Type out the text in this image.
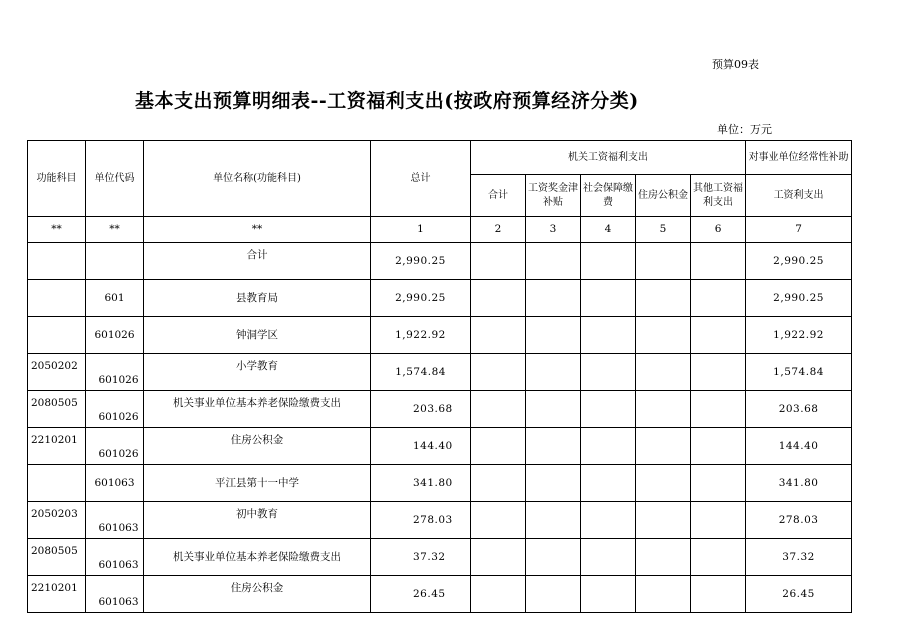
预算09表
基本支出预算明细表--工资福利支出(按政府预算经济分类)
单位：万元
功能科目	单位代码	单位名称(功能科目)	总计	机关工资福利支出					对事业单位经常性补助
				合计	工资奖金津补贴	社会保障缴费	住房公积金	其他工资福利支出	工资利支出
**	**	**	1	2	3	4	5	6	7
		合计	2,990.25						2,990.25
	601	县教育局	2,990.25						2,990.25
	601026	钟洞学区	1,922.92						1,922.92
2050202	601026	小学教育	1,574.84						1,574.84
2080505	601026	机关事业单位基本养老保险缴费支出	203.68						203.68
2210201	601026	住房公积金	144.40						144.40
	601063	平江县第十一中学	341.80						341.80
2050203	601063	初中教育	278.03						278.03
2080505	601063	机关事业单位基本养老保险缴费支出	37.32						37.32
2210201	601063	住房公积金	26.45						26.45
